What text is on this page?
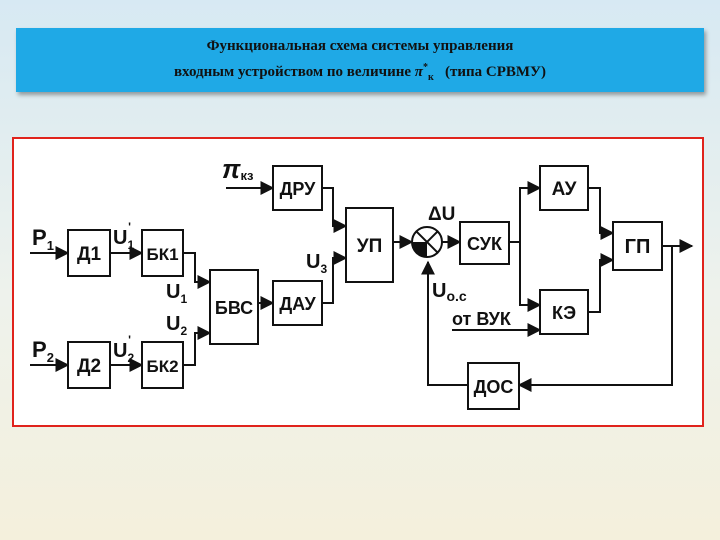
Функциональная схема системы управления
входным устройством по величине $\pi^*_к$ (типа СРВМУ)
Д1
Д2
БК1
БК2
БВС
ДРУ
ДАУ
УП	СУК
АУ
КЭ
ГП
ДОС
$P_1$
$P_2$
$U_1'$
$U_2'$
$U_1$
$U_2$
$U_3$
πкз
ΔU
$U_{о.с}$
от ВУК
